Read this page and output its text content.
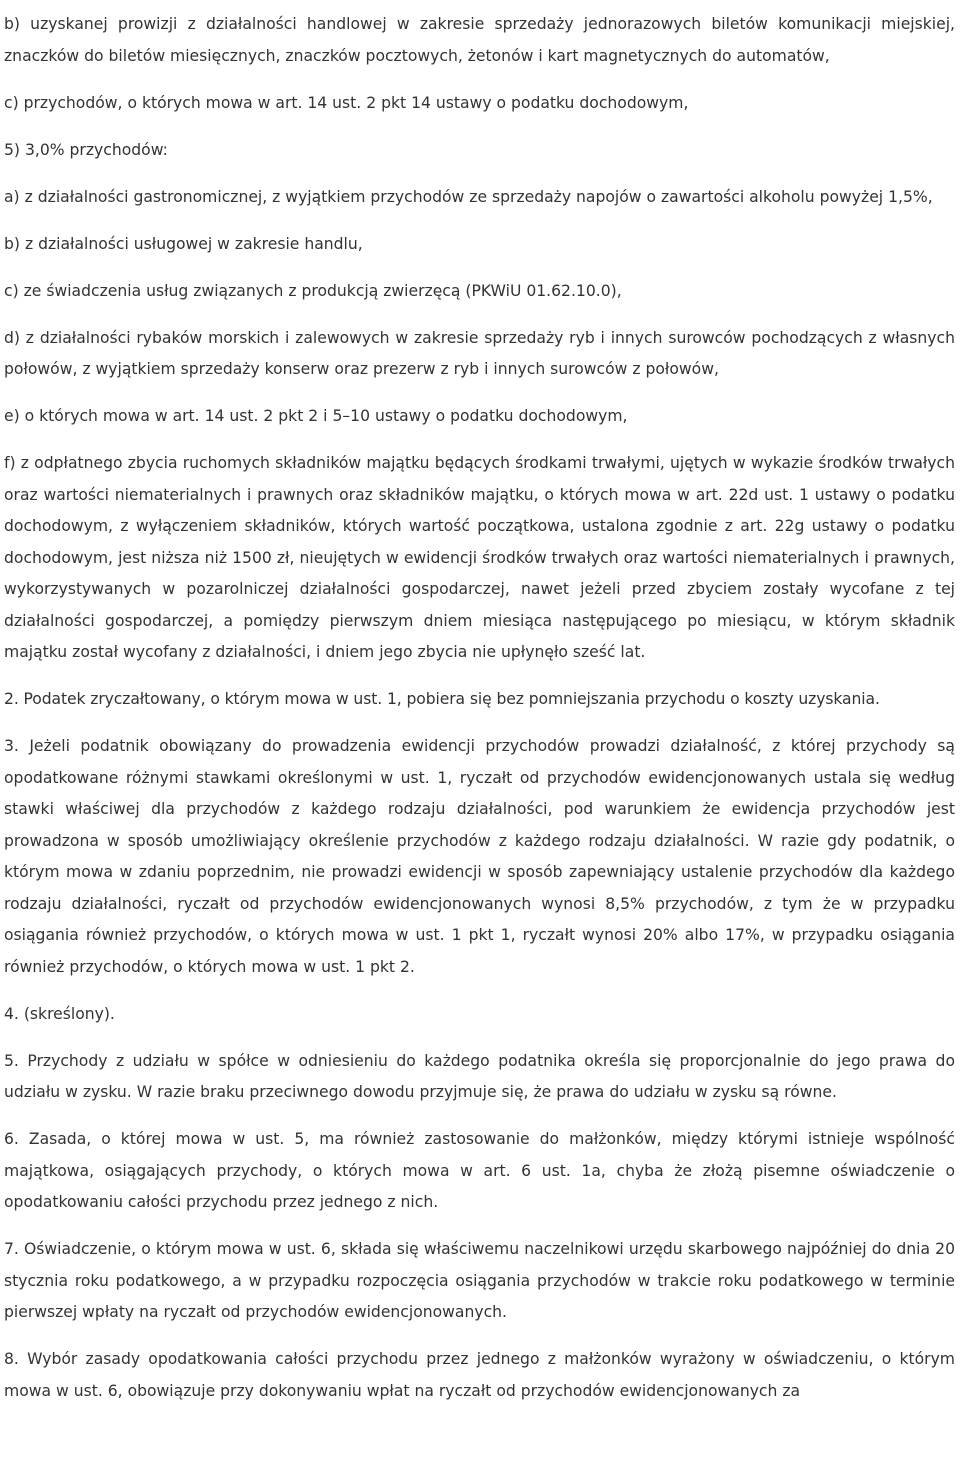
b) uzyskanej prowizji z działalności handlowej w zakresie sprzedaży jednorazowych biletów komunikacji miejskiej, znaczków do biletów miesięcznych, znaczków pocztowych, żetonów i kart magnetycznych do automatów,

c) przychodów, o których mowa w art. 14 ust. 2 pkt 14 ustawy o podatku dochodowym,

5) 3,0% przychodów:

a) z działalności gastronomicznej, z wyjątkiem przychodów ze sprzedaży napojów o zawartości alkoholu powyżej 1,5%,

b) z działalności usługowej w zakresie handlu,

c) ze świadczenia usług związanych z produkcją zwierzęcą (PKWiU 01.62.10.0),

d) z działalności rybaków morskich i zalewowych w zakresie sprzedaży ryb i innych surowców pochodzących z własnych połowów, z wyjątkiem sprzedaży konserw oraz prezerw z ryb i innych surowców z połowów,

e) o których mowa w art. 14 ust. 2 pkt 2 i 5–10 ustawy o podatku dochodowym,

f) z odpłatnego zbycia ruchomych składników majątku będących środkami trwałymi, ujętych w wykazie środków trwałych oraz wartości niematerialnych i prawnych oraz składników majątku, o których mowa w art. 22d ust. 1 ustawy o podatku dochodowym, z wyłączeniem składników, których wartość początkowa, ustalona zgodnie z art. 22g ustawy o podatku dochodowym, jest niższa niż 1500 zł, nieujętych w ewidencji środków trwałych oraz wartości niematerialnych i prawnych, wykorzystywanych w pozarolniczej działalności gospodarczej, nawet jeżeli przed zbyciem zostały wycofane z tej działalności gospodarczej, a pomiędzy pierwszym dniem miesiąca następującego po miesiącu, w którym składnik majątku został wycofany z działalności, i dniem jego zbycia nie upłynęło sześć lat.

2. Podatek zryczałtowany, o którym mowa w ust. 1, pobiera się bez pomniejszania przychodu o koszty uzyskania.

3. Jeżeli podatnik obowiązany do prowadzenia ewidencji przychodów prowadzi działalność, z której przychody są opodatkowane różnymi stawkami określonymi w ust. 1, ryczałt od przychodów ewidencjonowanych ustala się według stawki właściwej dla przychodów z każdego rodzaju działalności, pod warunkiem że ewidencja przychodów jest prowadzona w sposób umożliwiający określenie przychodów z każdego rodzaju działalności. W razie gdy podatnik, o którym mowa w zdaniu poprzednim, nie prowadzi ewidencji w sposób zapewniający ustalenie przychodów dla każdego rodzaju działalności, ryczałt od przychodów ewidencjonowanych wynosi 8,5% przychodów, z tym że w przypadku osiągania również przychodów, o których mowa w ust. 1 pkt 1, ryczałt wynosi 20% albo 17%, w przypadku osiągania również przychodów, o których mowa w ust. 1 pkt 2.

4. (skreślony).

5. Przychody z udziału w spółce w odniesieniu do każdego podatnika określa się proporcjonalnie do jego prawa do udziału w zysku. W razie braku przeciwnego dowodu przyjmuje się, że prawa do udziału w zysku są równe.

6. Zasada, o której mowa w ust. 5, ma również zastosowanie do małżonków, między którymi istnieje wspólność majątkowa, osiągających przychody, o których mowa w art. 6 ust. 1a, chyba że złożą pisemne oświadczenie o opodatkowaniu całości przychodu przez jednego z nich.

7. Oświadczenie, o którym mowa w ust. 6, składa się właściwemu naczelnikowi urzędu skarbowego najpóźniej do dnia 20 stycznia roku podatkowego, a w przypadku rozpoczęcia osiągania przychodów w trakcie roku podatkowego w terminie pierwszej wpłaty na ryczałt od przychodów ewidencjonowanych.

8. Wybór zasady opodatkowania całości przychodu przez jednego z małżonków wyrażony w oświadczeniu, o którym mowa w ust. 6, obowiązuje przy dokonywaniu wpłat na ryczałt od przychodów ewidencjonowanych za
